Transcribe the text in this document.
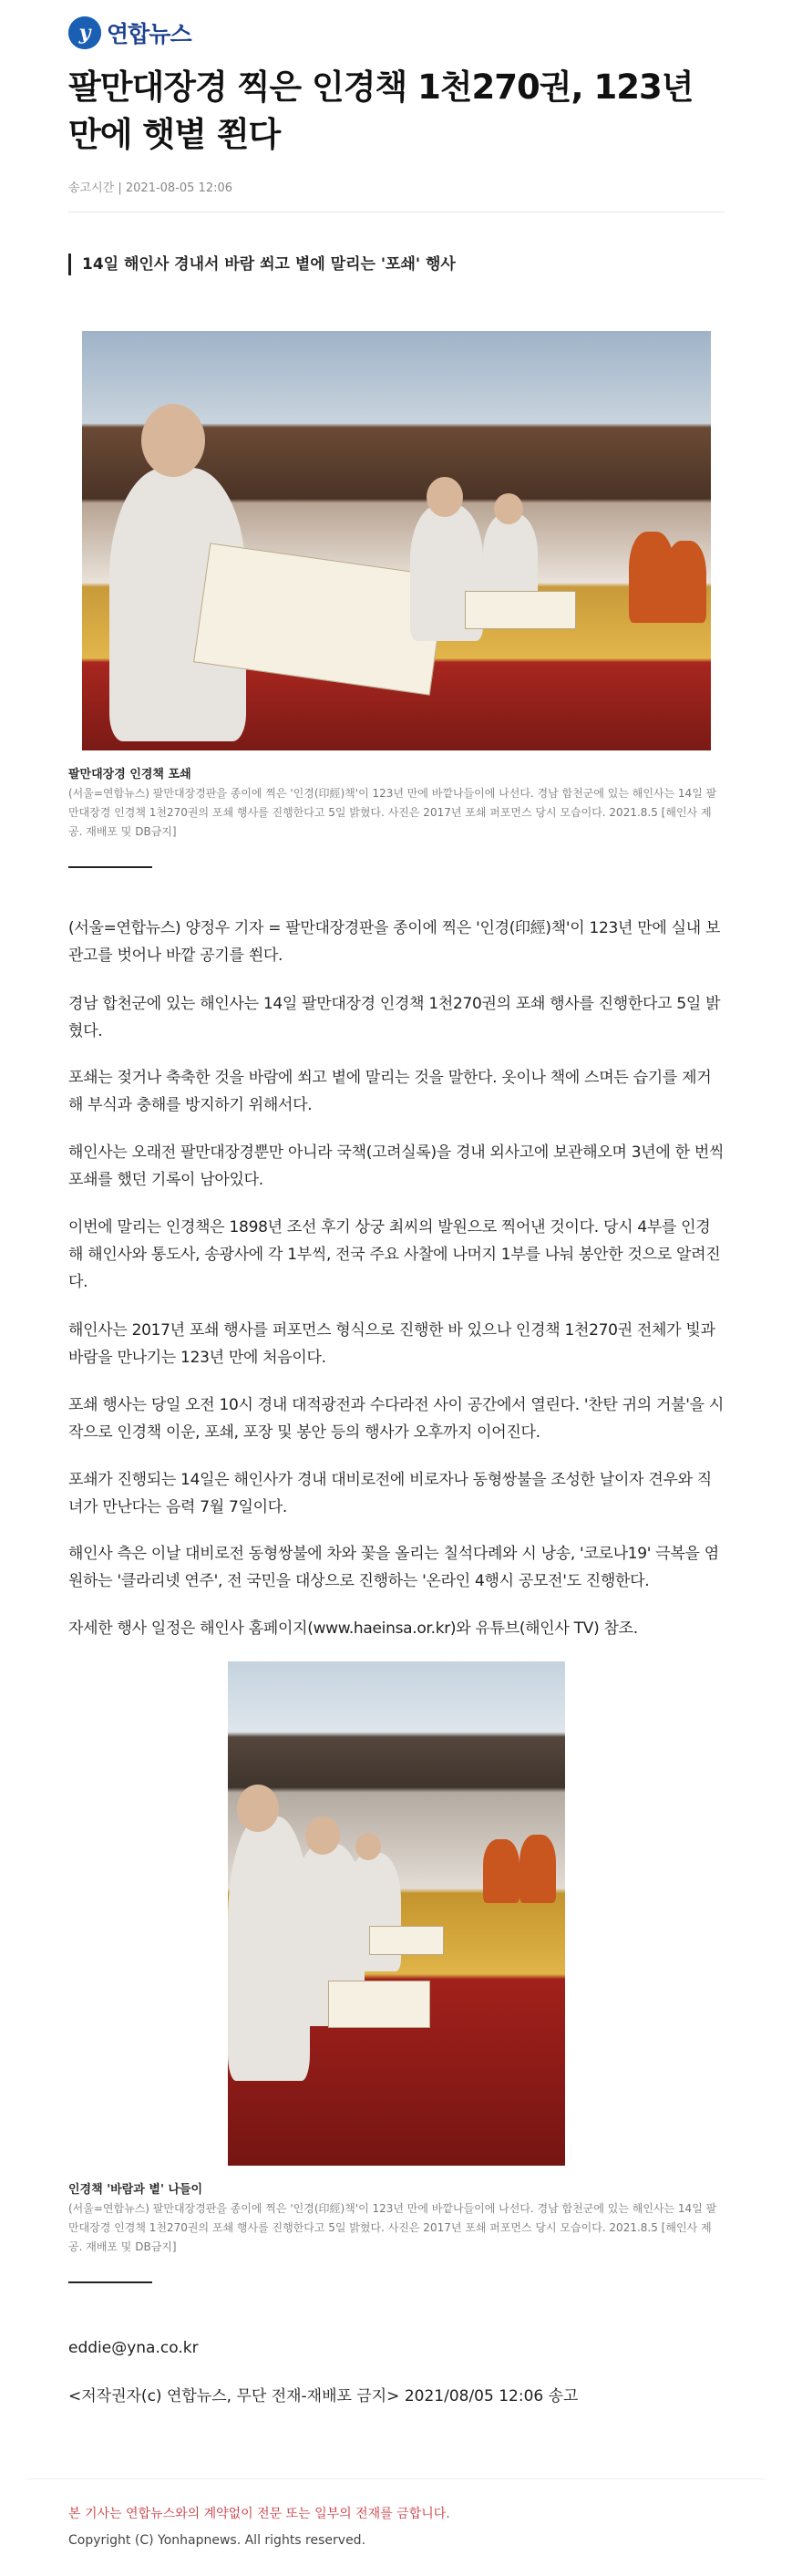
y 연합뉴스
팔만대장경 찍은 인경책 1천270권, 123년만에 햇볕 쬔다
송고시간 | 2021-08-05 12:06
14일 해인사 경내서 바람 쐬고 볕에 말리는 '포쇄' 행사
팔만대장경 인경책 포쇄

(서울=연합뉴스) 팔만대장경판을 종이에 찍은 '인경(印經)책'이 123년 만에 바깥나들이에 나선다. 경남 합천군에 있는 해인사는 14일 팔만대장경 인경책 1천270권의 포쇄 행사를 진행한다고 5일 밝혔다. 사진은 2017년 포쇄 퍼포먼스 당시 모습이다. 2021.8.5 [해인사 제공. 재배포 및 DB금지]

(서울=연합뉴스) 양정우 기자 = 팔만대장경판을 종이에 찍은 '인경(印經)책'이 123년 만에 실내 보관고를 벗어나 바깥 공기를 쐰다.

경남 합천군에 있는 해인사는 14일 팔만대장경 인경책 1천270권의 포쇄 행사를 진행한다고 5일 밝혔다.

포쇄는 젖거나 축축한 것을 바람에 쐬고 볕에 말리는 것을 말한다. 옷이나 책에 스며든 습기를 제거해 부식과 충해를 방지하기 위해서다.

해인사는 오래전 팔만대장경뿐만 아니라 국책(고려실록)을 경내 외사고에 보관해오며 3년에 한 번씩 포쇄를 했던 기록이 남아있다.

이번에 말리는 인경책은 1898년 조선 후기 상궁 최씨의 발원으로 찍어낸 것이다. 당시 4부를 인경해 해인사와 통도사, 송광사에 각 1부씩, 전국 주요 사찰에 나머지 1부를 나눠 봉안한 것으로 알려진다.

해인사는 2017년 포쇄 행사를 퍼포먼스 형식으로 진행한 바 있으나 인경책 1천270권 전체가 빛과 바람을 만나기는 123년 만에 처음이다.

포쇄 행사는 당일 오전 10시 경내 대적광전과 수다라전 사이 공간에서 열린다. '찬탄 귀의 거불'을 시작으로 인경책 이운, 포쇄, 포장 및 봉안 등의 행사가 오후까지 이어진다.

포쇄가 진행되는 14일은 해인사가 경내 대비로전에 비로자나 동형쌍불을 조성한 날이자 견우와 직녀가 만난다는 음력 7월 7일이다.

해인사 측은 이날 대비로전 동형쌍불에 차와 꽃을 올리는 칠석다례와 시 낭송, '코로나19' 극복을 염원하는 '클라리넷 연주', 전 국민을 대상으로 진행하는 '온라인 4행시 공모전'도 진행한다.

자세한 행사 일정은 해인사 홈페이지(www.haeinsa.or.kr)와 유튜브(해인사 TV) 참조.

인경책 '바람과 볕' 나들이

(서울=연합뉴스) 팔만대장경판을 종이에 찍은 '인경(印經)책'이 123년 만에 바깥나들이에 나선다. 경남 합천군에 있는 해인사는 14일 팔만대장경 인경책 1천270권의 포쇄 행사를 진행한다고 5일 밝혔다. 사진은 2017년 포쇄 퍼포먼스 당시 모습이다. 2021.8.5 [해인사 제공. 재배포 및 DB금지]

eddie@yna.co.kr
<저작권자(c) 연합뉴스, 무단 전재-재배포 금지> 2021/08/05 12:06 송고
본 기사는 연합뉴스와의 계약없이 전문 또는 일부의 전재를 금합니다.
Copyright (C) Yonhapnews. All rights reserved.
